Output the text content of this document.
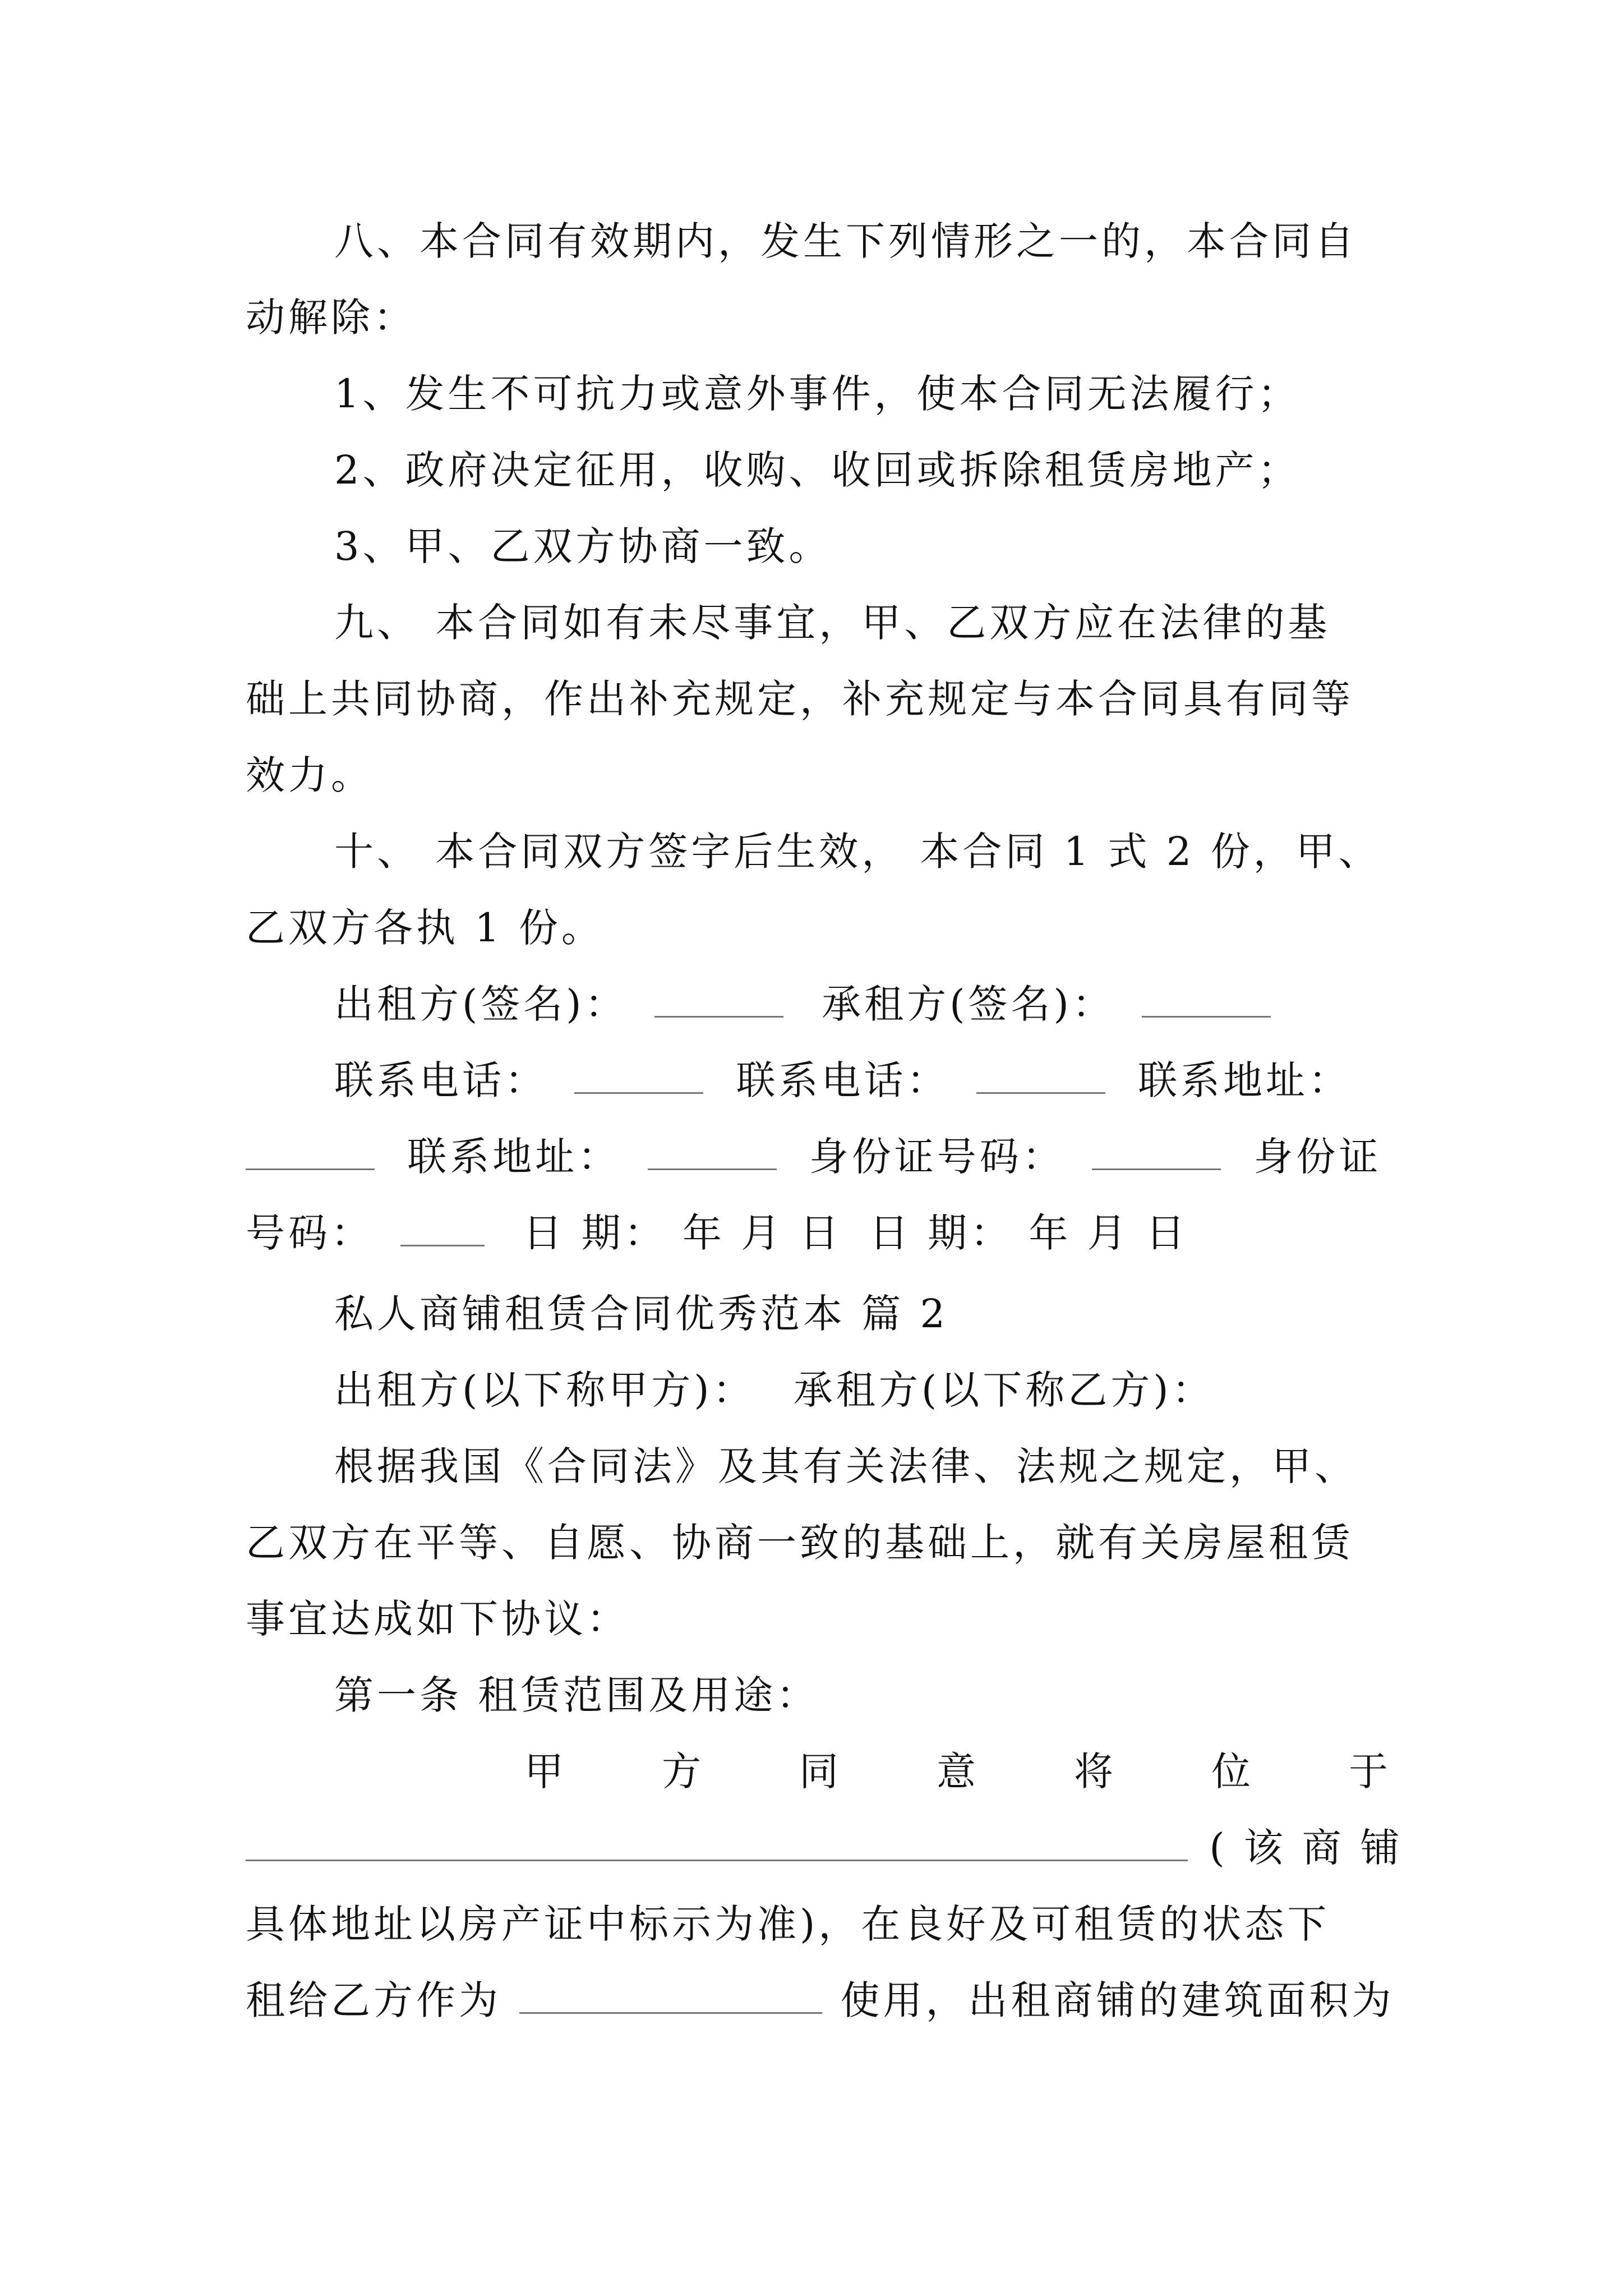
八、本合同有效期内，发生下列情形之一的，本合同自
动解除：
1、发生不可抗力或意外事件，使本合同无法履行；
2、政府决定征用，收购、收回或拆除租赁房地产；
3、甲、乙双方协商一致。
九、 本合同如有未尽事宜，甲、乙双方应在法律的基
础上共同协商，作出补充规定，补充规定与本合同具有同等
效力。
十、 本合同双方签字后生效， 本合同 1 式 2 份，甲、
乙双方各执 1 份。
出租方(签名)：	承租方(签名)：
联系电话：	联系电话：	联系地址：
联系地址：	身份证号码：	身份证
号码：	日 期： 年 月 日 日 期： 年 月 日
私人商铺租赁合同优秀范本 篇 2
出租方(以下称甲方)： 承租方(以下称乙方)：
根据我国《合同法》及其有关法律、法规之规定，甲、
乙双方在平等、自愿、协商一致的基础上，就有关房屋租赁
事宜达成如下协议：
第一条 租赁范围及用途：
甲 方 同 意 将 位 于
(该商铺
具体地址以房产证中标示为准)，在良好及可租赁的状态下
租给乙方作为	使用，出租商铺的建筑面积为
